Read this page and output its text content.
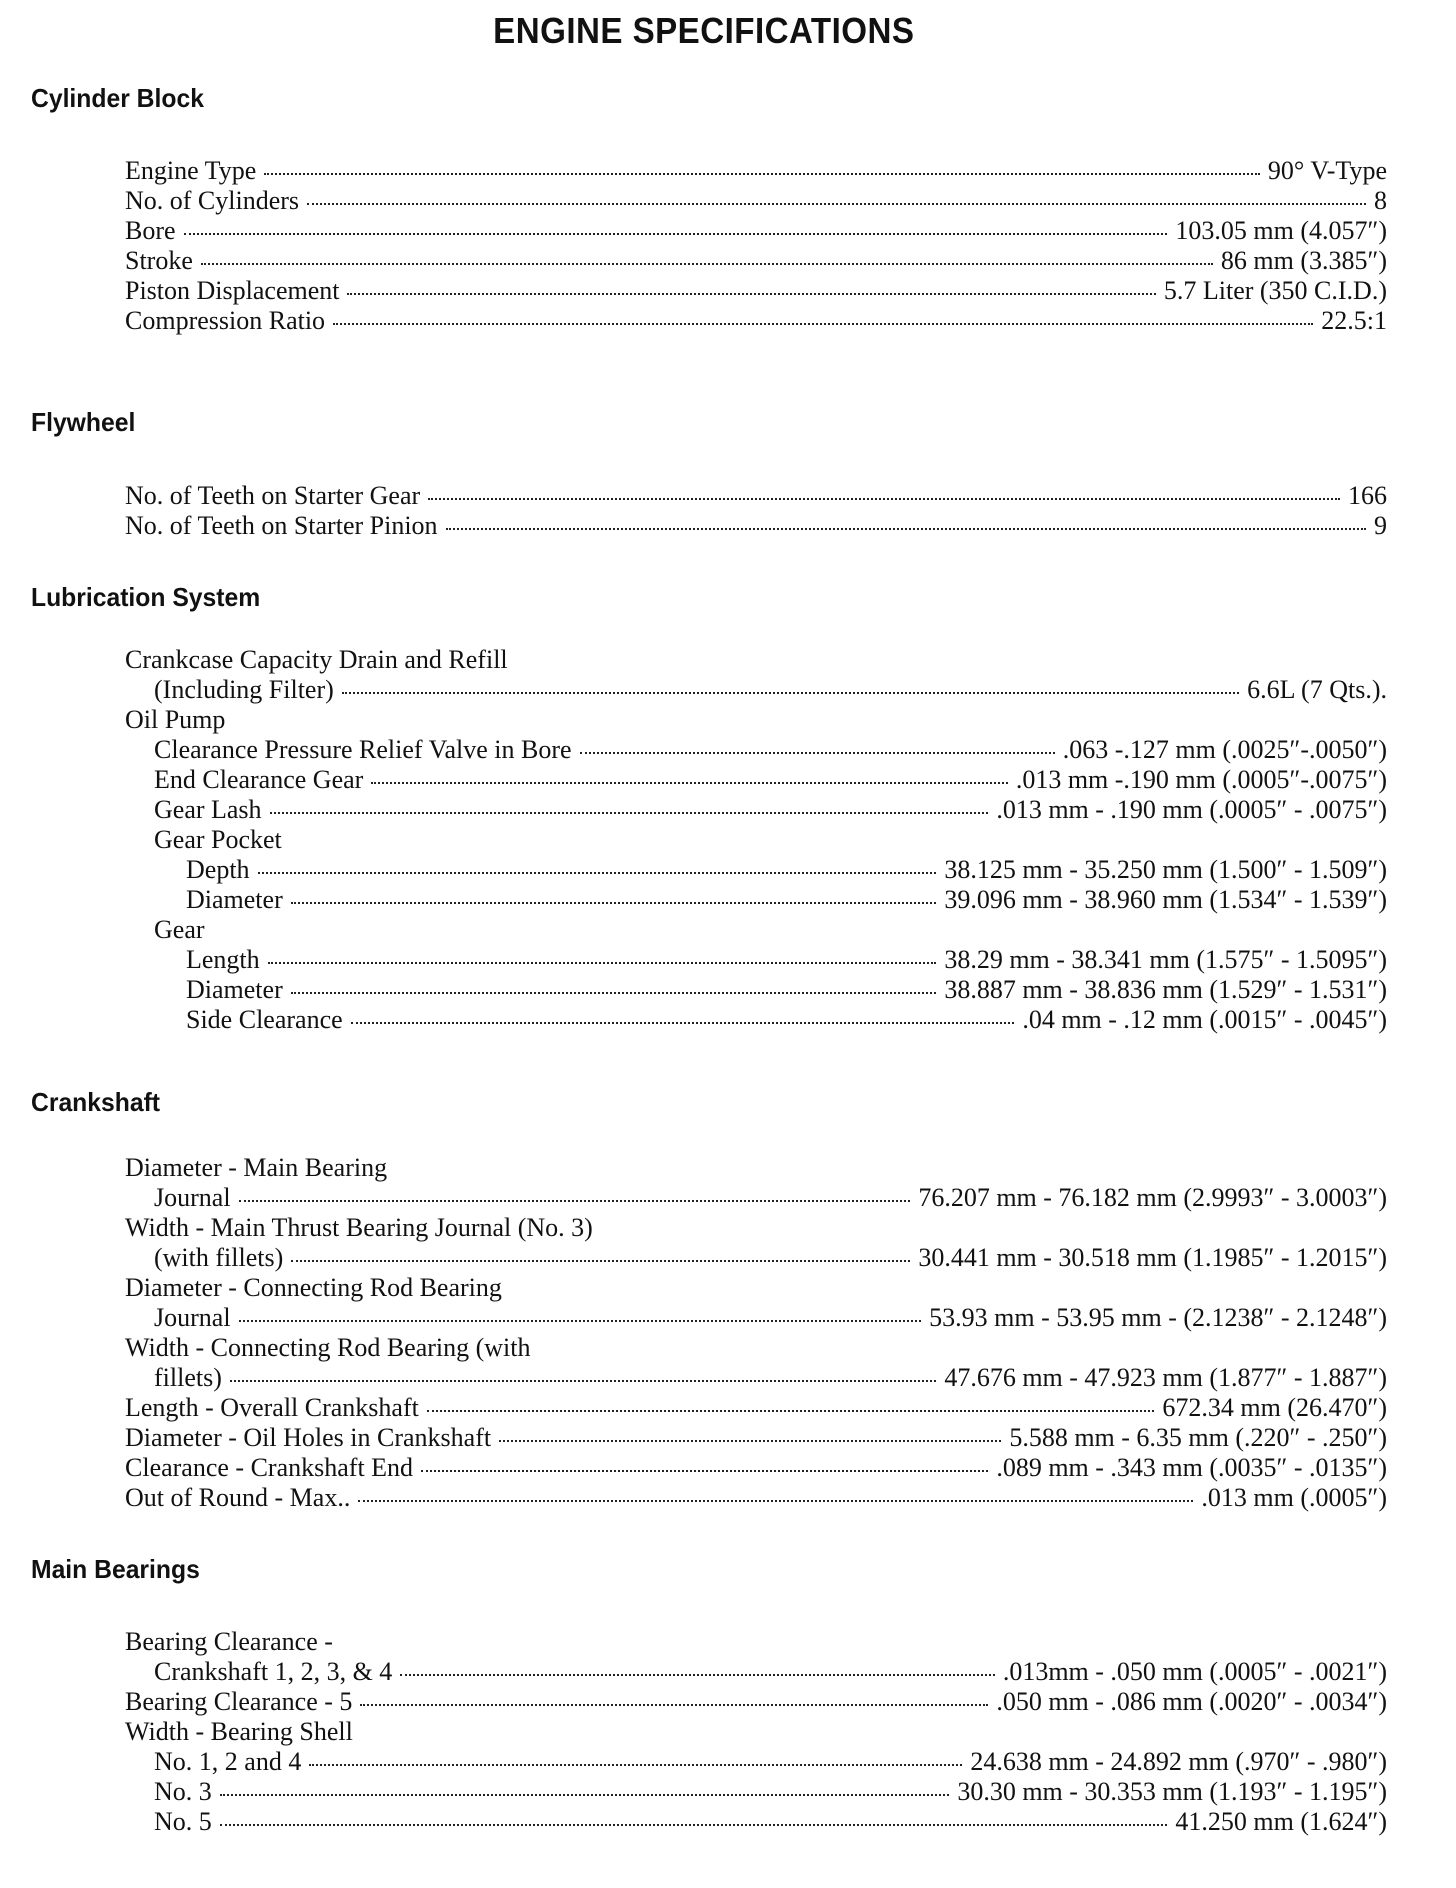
ENGINE SPECIFICATIONS
Cylinder Block
Engine Type	90° V-Type
No. of Cylinders	8
Bore	103.05 mm (4.057″)
Stroke	86 mm (3.385″)
Piston Displacement	5.7 Liter (350 C.I.D.)
Compression Ratio	22.5:1
Flywheel
No. of Teeth on Starter Gear	166
No. of Teeth on Starter Pinion	9
Lubrication System
Crankcase Capacity Drain and Refill
(Including Filter)	6.6L (7 Qts.).
Oil Pump
Clearance Pressure Relief Valve in Bore	.063 -.127 mm (.0025″-.0050″)
End Clearance Gear	.013 mm -.190 mm (.0005″-.0075″)
Gear Lash	.013 mm - .190 mm (.0005″ - .0075″)
Gear Pocket
Depth	38.125 mm - 35.250 mm (1.500″ - 1.509″)
Diameter	39.096 mm - 38.960 mm (1.534″ - 1.539″)
Gear
Length	38.29 mm - 38.341 mm (1.575″ - 1.5095″)
Diameter	38.887 mm - 38.836 mm (1.529″ - 1.531″)
Side Clearance	.04 mm - .12 mm (.0015″ - .0045″)
Crankshaft
Diameter - Main Bearing
Journal	76.207 mm - 76.182 mm (2.9993″ - 3.0003″)
Width - Main Thrust Bearing Journal (No. 3)
(with fillets)	30.441 mm - 30.518 mm (1.1985″ - 1.2015″)
Diameter - Connecting Rod Bearing
Journal	53.93 mm - 53.95 mm - (2.1238″ - 2.1248″)
Width - Connecting Rod Bearing (with
fillets)	47.676 mm - 47.923 mm (1.877″ - 1.887″)
Length - Overall Crankshaft	672.34 mm (26.470″)
Diameter - Oil Holes in Crankshaft	5.588 mm - 6.35 mm (.220″ - .250″)
Clearance - Crankshaft End	.089 mm - .343 mm (.0035″ - .0135″)
Out of Round - Max..	.013 mm (.0005″)
Main Bearings
Bearing Clearance -
Crankshaft 1, 2, 3, & 4	.013mm - .050 mm (.0005″ - .0021″)
Bearing Clearance - 5	.050 mm - .086 mm (.0020″ - .0034″)
Width - Bearing Shell
No. 1, 2 and 4	24.638 mm - 24.892 mm (.970″ - .980″)
No. 3	30.30 mm - 30.353 mm (1.193″ - 1.195″)
No. 5	41.250 mm (1.624″)
